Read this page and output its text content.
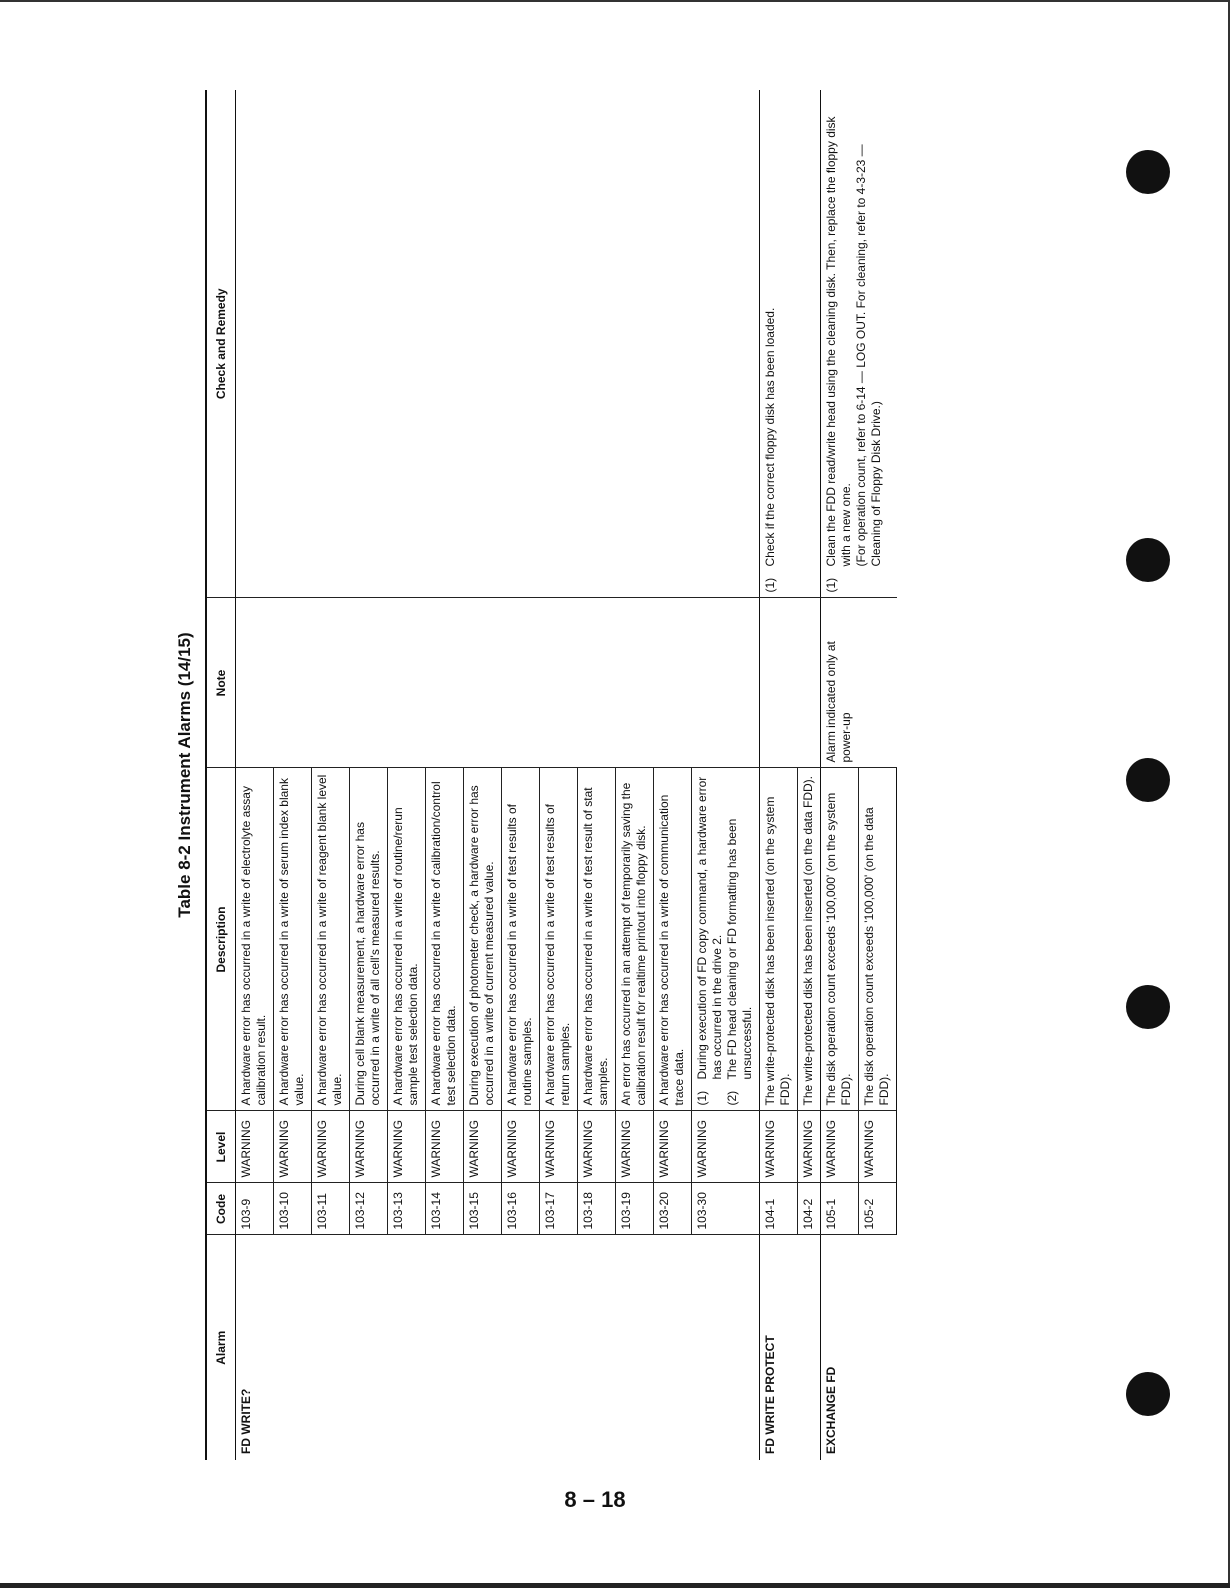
Table 8-2 Instrument Alarms (14/15)
Alarm	Code	Level	Description	Note	Check and Remedy
FD WRITE?	103-9	WARNING	A hardware error has occurred in a write of electrolyte assay calibration result.		
	103-10	WARNING	A hardware error has occurred in a write of serum index blank value.		
	103-11	WARNING	A hardware error has occurred in a write of reagent blank level value.		
	103-12	WARNING	During cell blank measurement, a hardware error has occurred in a write of all cell's measured results.		
	103-13	WARNING	A hardware error has occurred in a write of routine/rerun sample test selection data.		
	103-14	WARNING	A hardware error has occurred in a write of calibration/control test selection data.		
	103-15	WARNING	During execution of photometer check, a hardware error has occurred in a write of current measured value.		
	103-16	WARNING	A hardware error has occurred in a write of test results of routine samples.		
	103-17	WARNING	A hardware error has occurred in a write of test results of return samples.		
	103-18	WARNING	A hardware error has occurred in a write of test result of stat samples.		
	103-19	WARNING	An error has occurred in an attempt of temporarily saving the calibration result for realtime printout into floppy disk.		
	103-20	WARNING	A hardware error has occurred in a write of communication trace data.		
	103-30	WARNING	(1)
During execution of FD copy command, a hardware error has occurred in the drive 2.
(2)
The FD head cleaning or FD formatting has been unsuccessful.		

FD WRITE PROTECT	104-1	WARNING	The write-protected disk has been inserted (on the system FDD).		(1)
Check if the correct floppy disk has been loaded.

	104-2	WARNING	The write-protected disk has been inserted (on the data FDD).		
EXCHANGE FD	105-1	WARNING	The disk operation count exceeds '100,000' (on the system FDD).	Alarm indicated only at power-up	(1)
Clean the FDD read/write head using the cleaning disk. Then, replace the floppy disk with a new one.
(For operation count, refer to 6-14 — LOG OUT. For cleaning, refer to 4-3-23 — Cleaning of Floppy Disk Drive.)

	105-2	WARNING	The disk operation count exceeds '100,000' (on the data FDD).		
8 – 18
